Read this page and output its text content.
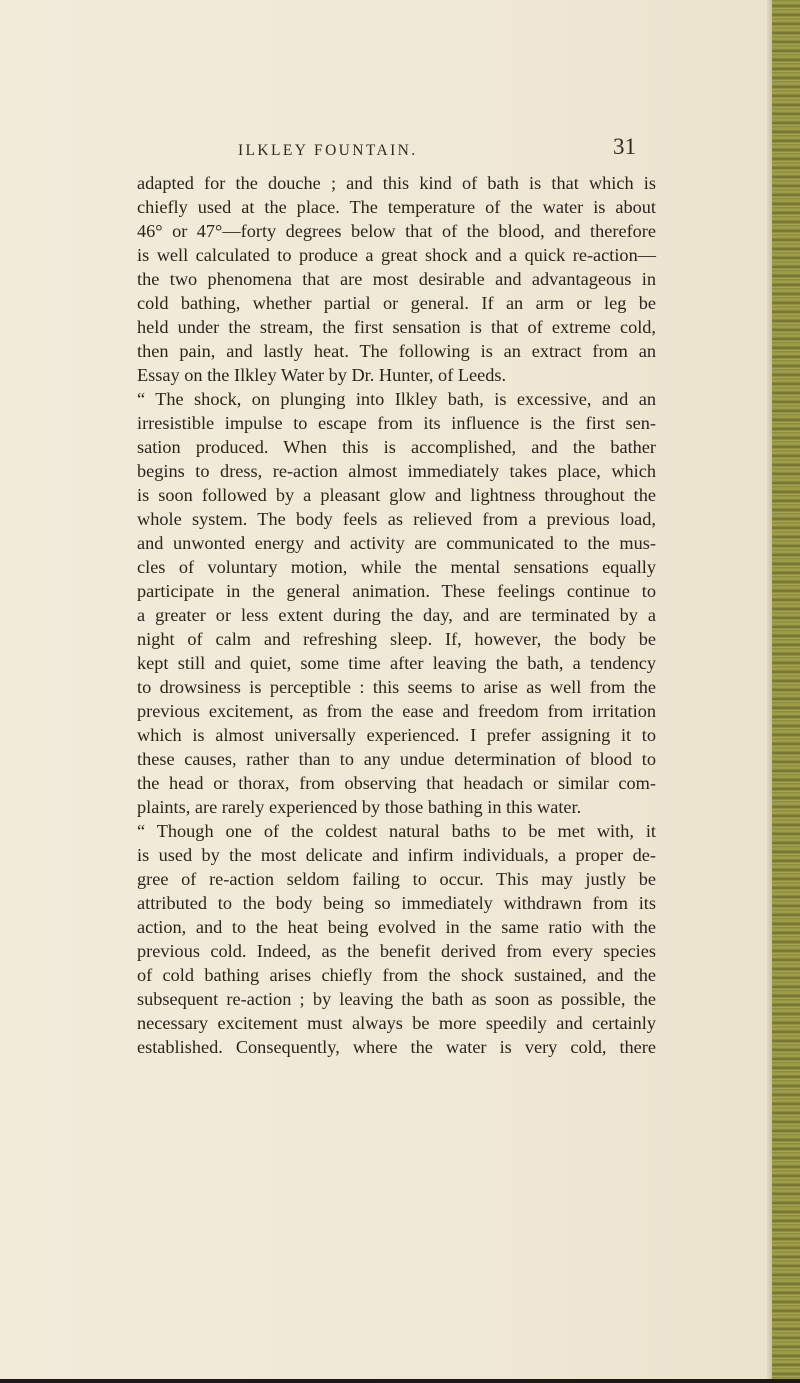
ILKLEY FOUNTAIN.	31
adapted for the douche ; and this kind of bath is that which is
chiefly used at the place. The temperature of the water is about
46° or 47°—forty degrees below that of the blood, and therefore
is well calculated to produce a great shock and a quick re-action—
the two phenomena that are most desirable and advantageous in
cold bathing, whether partial or general. If an arm or leg be
held under the stream, the first sensation is that of extreme cold,
then pain, and lastly heat. The following is an extract from an
Essay on the Ilkley Water by Dr. Hunter, of Leeds.
“ The shock, on plunging into Ilkley bath, is excessive, and an
irresistible impulse to escape from its influence is the first sen-
sation produced. When this is accomplished, and the bather
begins to dress, re-action almost immediately takes place, which
is soon followed by a pleasant glow and lightness throughout the
whole system. The body feels as relieved from a previous load,
and unwonted energy and activity are communicated to the mus-
cles of voluntary motion, while the mental sensations equally
participate in the general animation. These feelings continue to
a greater or less extent during the day, and are terminated by a
night of calm and refreshing sleep. If, however, the body be
kept still and quiet, some time after leaving the bath, a tendency
to drowsiness is perceptible : this seems to arise as well from the
previous excitement, as from the ease and freedom from irritation
which is almost universally experienced. I prefer assigning it to
these causes, rather than to any undue determination of blood to
the head or thorax, from observing that headach or similar com-
plaints, are rarely experienced by those bathing in this water.
“ Though one of the coldest natural baths to be met with, it
is used by the most delicate and infirm individuals, a proper de-
gree of re-action seldom failing to occur. This may justly be
attributed to the body being so immediately withdrawn from its
action, and to the heat being evolved in the same ratio with the
previous cold. Indeed, as the benefit derived from every species
of cold bathing arises chiefly from the shock sustained, and the
subsequent re-action ; by leaving the bath as soon as possible, the
necessary excitement must always be more speedily and certainly
established. Consequently, where the water is very cold, there
